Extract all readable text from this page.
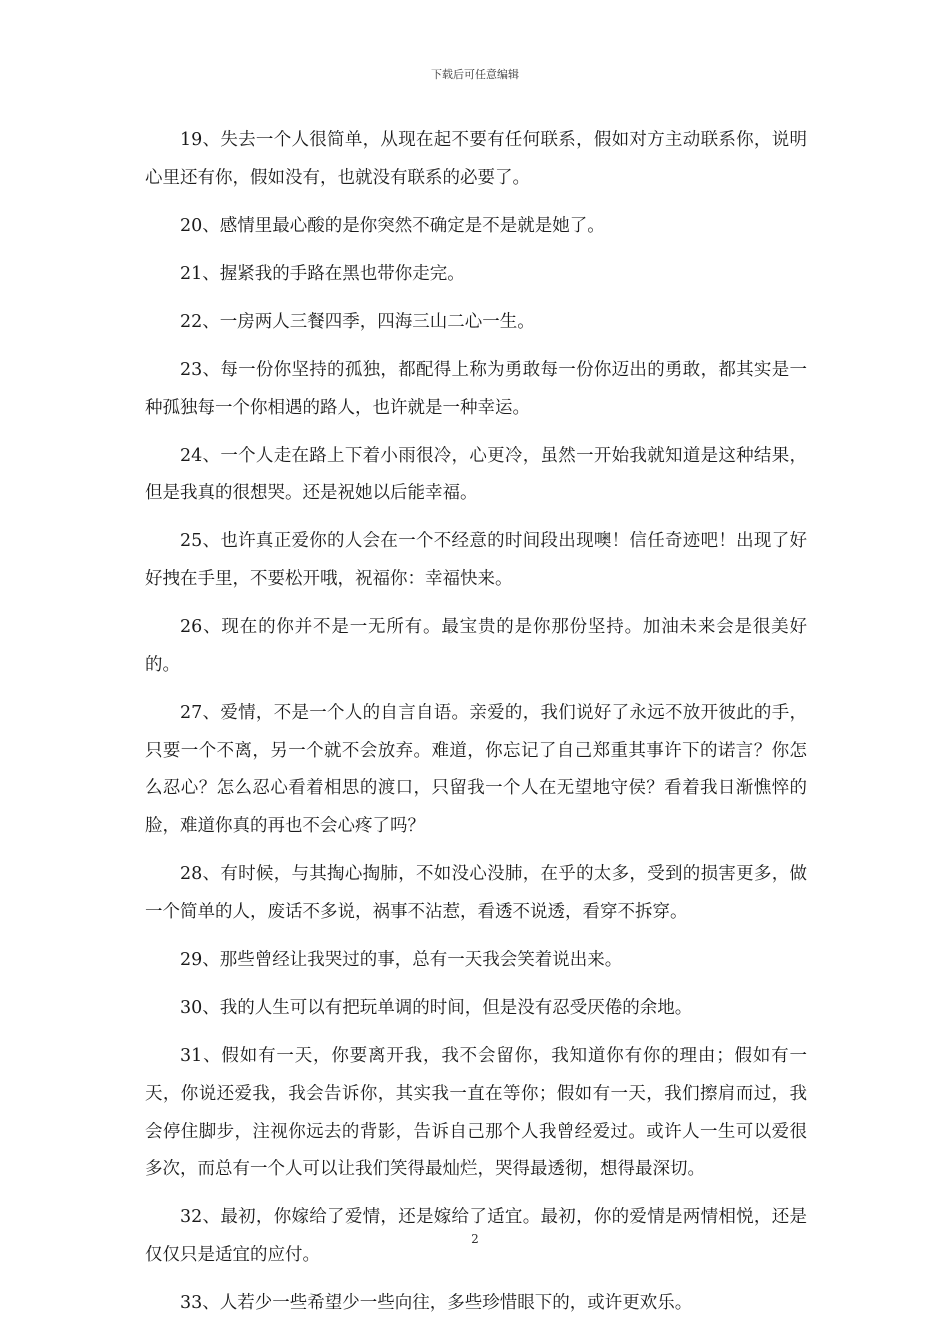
下载后可任意编辑

19、失去一个人很简单，从现在起不要有任何联系，假如对方主动联系你，说明心里还有你，假如没有，也就没有联系的必要了。

20、感情里最心酸的是你突然不确定是不是就是她了。

21、握紧我的手路在黑也带你走完。

22、一房两人三餐四季，四海三山二心一生。

23、每一份你坚持的孤独，都配得上称为勇敢每一份你迈出的勇敢，都其实是一种孤独每一个你相遇的路人，也许就是一种幸运。

24、一个人走在路上下着小雨很冷，心更冷，虽然一开始我就知道是这种结果，但是我真的很想哭。还是祝她以后能幸福。

25、也许真正爱你的人会在一个不经意的时间段出现噢！信任奇迹吧！出现了好好拽在手里，不要松开哦，祝福你：幸福快来。

26、现在的你并不是一无所有。最宝贵的是你那份坚持。加油未来会是很美好的。

27、爱情，不是一个人的自言自语。亲爱的，我们说好了永远不放开彼此的手，只要一个不离，另一个就不会放弃。难道，你忘记了自己郑重其事许下的诺言？你怎么忍心？怎么忍心看着相思的渡口，只留我一个人在无望地守侯？看着我日渐憔悴的脸，难道你真的再也不会心疼了吗？

28、有时候，与其掏心掏肺，不如没心没肺，在乎的太多，受到的损害更多，做一个简单的人，废话不多说，祸事不沾惹，看透不说透，看穿不拆穿。

29、那些曾经让我哭过的事，总有一天我会笑着说出来。

30、我的人生可以有把玩单调的时间，但是没有忍受厌倦的余地。

31、假如有一天，你要离开我，我不会留你，我知道你有你的理由；假如有一天，你说还爱我，我会告诉你，其实我一直在等你；假如有一天，我们擦肩而过，我会停住脚步，注视你远去的背影，告诉自己那个人我曾经爱过。或许人一生可以爱很多次，而总有一个人可以让我们笑得最灿烂，哭得最透彻，想得最深切。

32、最初，你嫁给了爱情，还是嫁给了适宜。最初，你的爱情是两情相悦，还是仅仅只是适宜的应付。

33、人若少一些希望少一些向往，多些珍惜眼下的，或许更欢乐。

2
